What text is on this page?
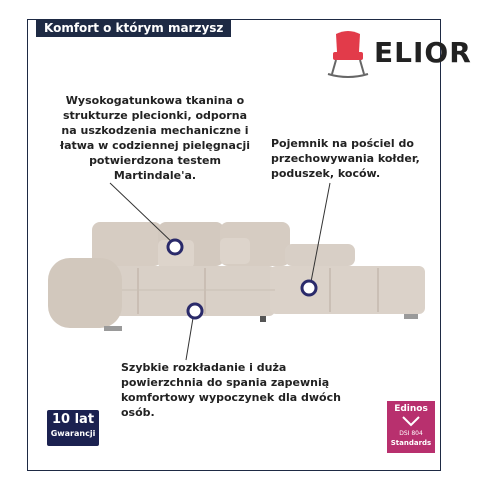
Komfort o którym marzysz
ELIOR

Wysokogatunkowa tkanina o strukturze plecionki, odporna na uszkodzenia mechaniczne i łatwa w codziennej pielęgnacji potwierdzona testem Martindale'a.

Pojemnik na pościel do przechowywania kołder, poduszek, koców.

Szybkie rozkładanie i duża powierzchnia do spania zapewnią komfortowy wypoczynek dla dwóch osób.

10 lat
Gwarancji
Edinos
DSI 804
Standards
